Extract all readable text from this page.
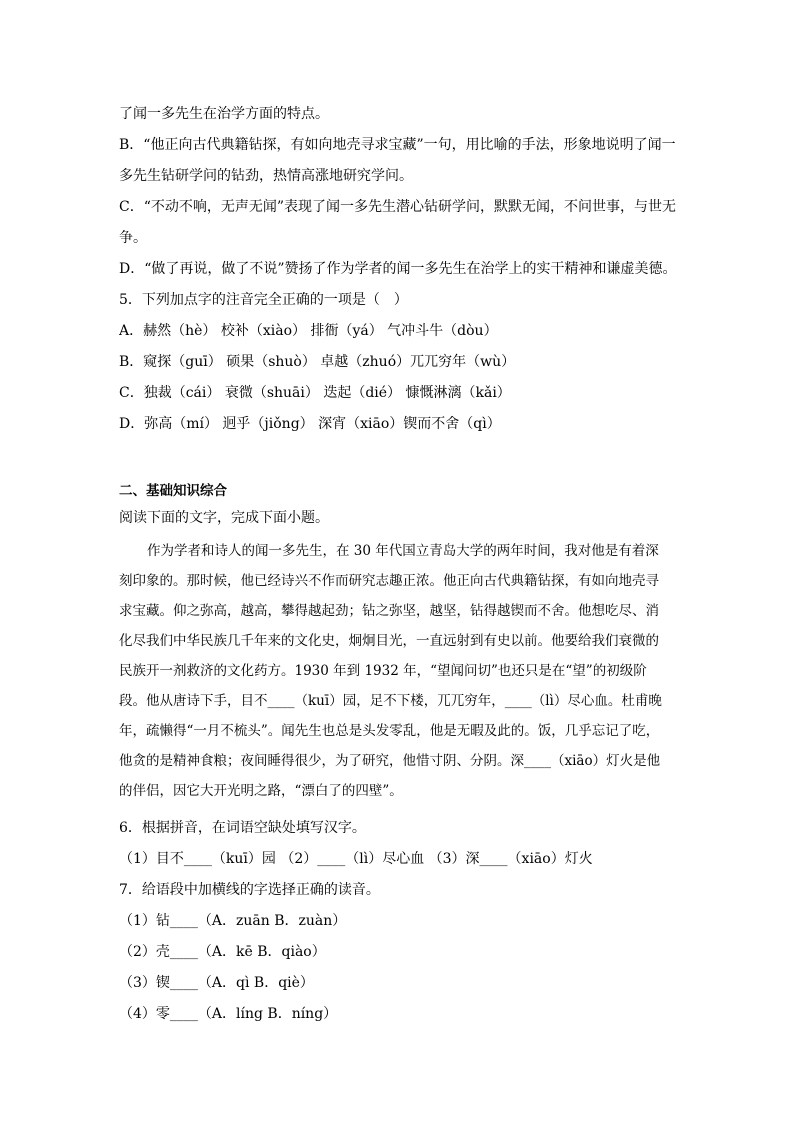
了闻一多先生在治学方面的特点。
B．“他正向古代典籍钻探，有如向地壳寻求宝藏”一句，用比喻的手法，形象地说明了闻一
多先生钻研学问的钻劲，热情高涨地研究学问。
C．“不动不响，无声无闻”表现了闻一多先生潜心钻研学问，默默无闻，不问世事，与世无
争。
D．“做了再说，做了不说”赞扬了作为学者的闻一多先生在治学上的实干精神和谦虚美德。
5．下列加点字的注音完全正确的一项是（　）
A．赫然（hè） 校补（xiào） 排衙（yá） 气冲斗牛（dòu）
B．窥探（guī） 硕果（shuò） 卓越（zhuó）兀兀穷年（wù）
C．独裁（cái） 衰微（shuāi） 迭起（dié） 慷慨淋漓（kǎi）
D．弥高（mí） 迥乎（jiǒng） 深宵（xiāo）锲而不舍（qì）
二、基础知识综合
阅读下面的文字，完成下面小题。
作为学者和诗人的闻一多先生，在 30 年代国立青岛大学的两年时间，我对他是有着深
刻印象的。那时候，他已经诗兴不作而研究志趣正浓。他正向古代典籍钻探，有如向地壳寻
求宝藏。仰之弥高，越高，攀得越起劲；钻之弥坚，越坚，钻得越锲而不舍。他想吃尽、消
化尽我们中华民族几千年来的文化史，炯炯目光，一直远射到有史以前。他要给我们衰微的
民族开一剂救济的文化药方。1930 年到 1932 年，“望闻问切”也还只是在“望”的初级阶
段。他从唐诗下手，目不____（kuī）园，足不下楼，兀兀穷年，____（lì）尽心血。杜甫晚
年，疏懒得“一月不梳头”。闻先生也总是头发零乱，他是无暇及此的。饭，几乎忘记了吃，
他贪的是精神食粮；夜间睡得很少，为了研究，他惜寸阴、分阴。深____（xiāo）灯火是他
的伴侣，因它大开光明之路，“漂白了的四壁”。
6．根据拼音，在词语空缺处填写汉字。
（1）目不____（kuī）园 （2）____（lì）尽心血 （3）深____（xiāo）灯火
7．给语段中加横线的字选择正确的读音。
（1）钻____（A．zuān B．zuàn）
（2）壳____（A．kē B．qiào）
（3）锲____（A．qì B．qiè）
（4）零____（A．líng B．níng）
